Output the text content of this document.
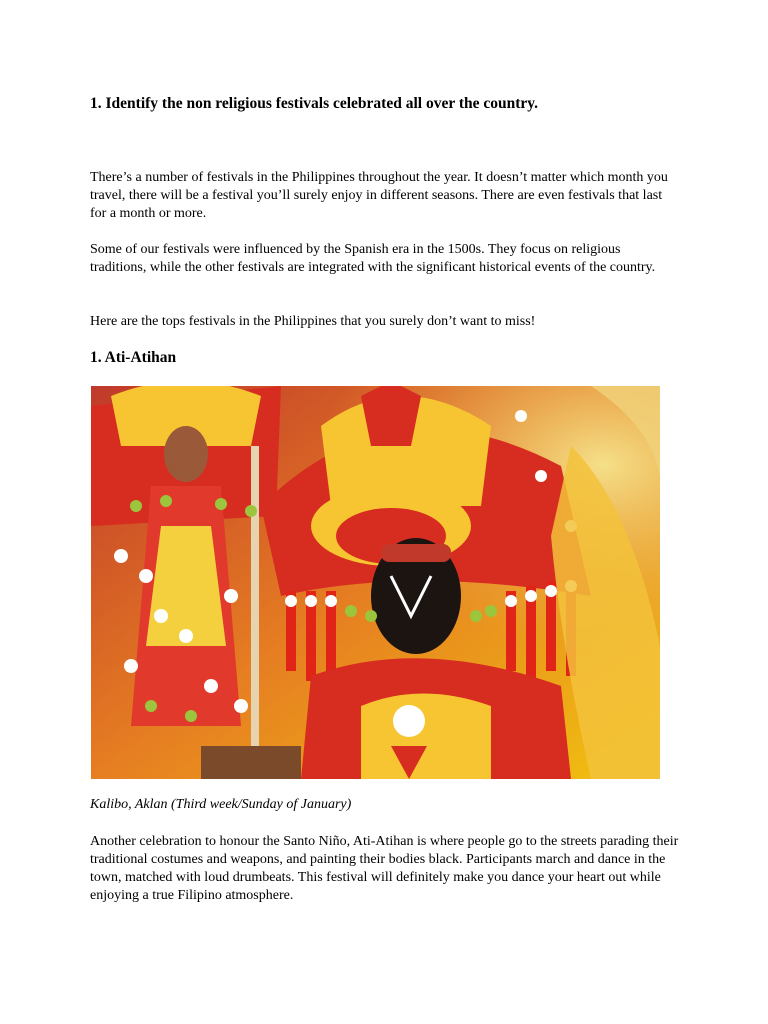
1. Identify the non religious festivals celebrated all over the country.
There’s a number of festivals in the Philippines throughout the year. It doesn’t matter which month you travel, there will be a festival you’ll surely enjoy in different seasons. There are even festivals that last for a month or more.
Some of our festivals were influenced by the Spanish era in the 1500s. They focus on religious traditions, while the other festivals are integrated with the significant historical events of the country.
Here are the tops festivals in the Philippines that you surely don’t want to miss!
1. Ati-Atihan
Kalibo, Aklan (Third week/Sunday of January)
Another celebration to honour the Santo Niño, Ati-Atihan is where people go to the streets parading their traditional costumes and weapons, and painting their bodies black. Participants march and dance in the town, matched with loud drumbeats. This festival will definitely make you dance your heart out while enjoying a true Filipino atmosphere.
